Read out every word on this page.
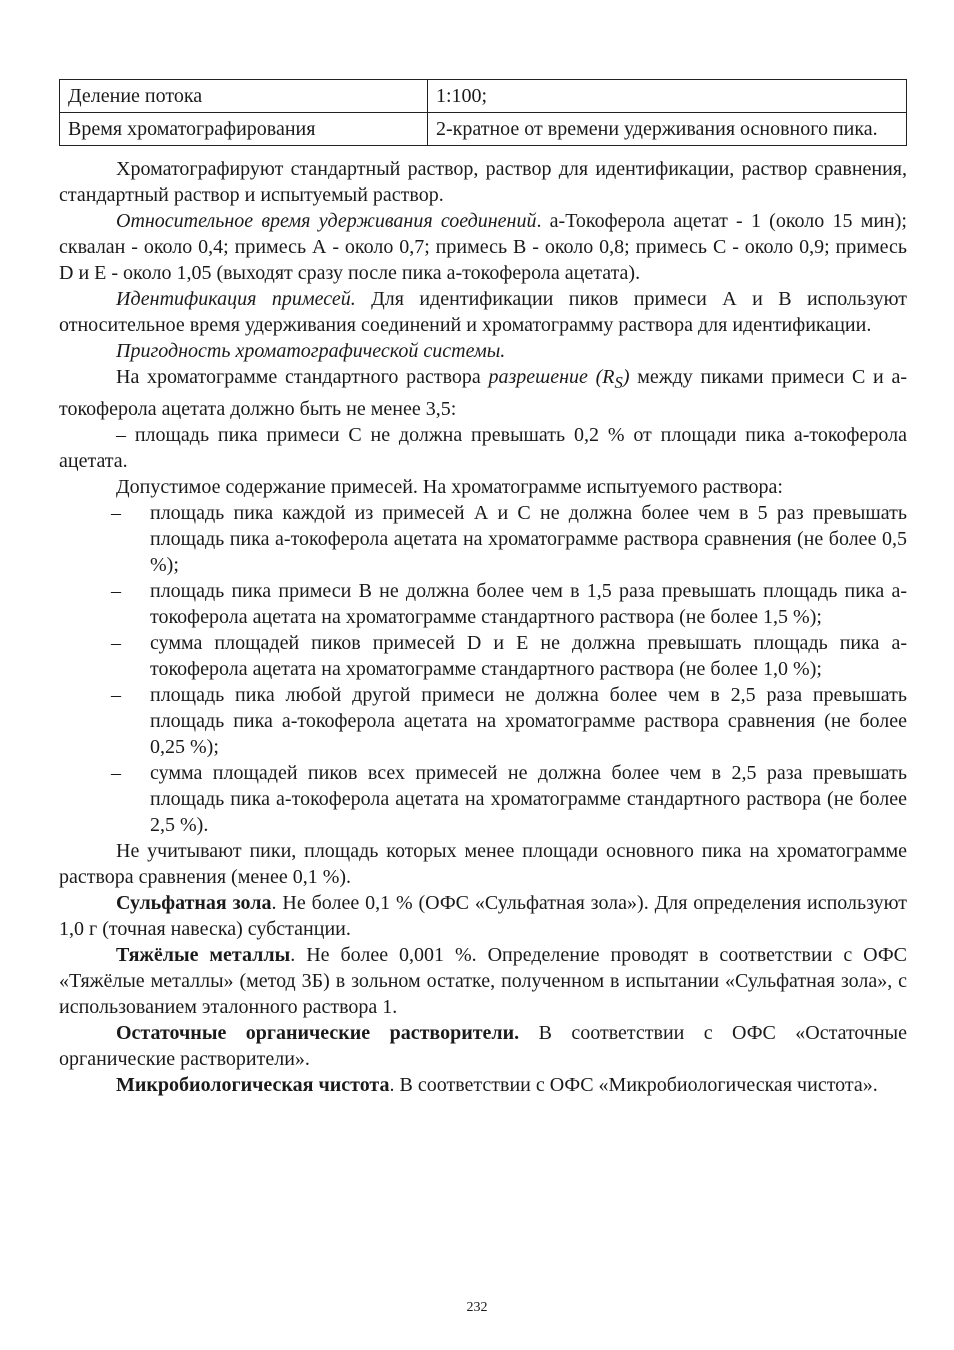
Деление потока	1:100;
Время хроматографирования	2-кратное от времени удерживания основного пика.

Хроматографируют стандартный раствор, раствор для идентификации, раствор сравнения, стандартный раствор и испытуемый раствор.

Относительное время удерживания соединений. а-Токоферола ацетат - 1 (около 15 мин); сквалан - около 0,4; примесь А - около 0,7; примесь В - около 0,8; примесь С - около 0,9; примесь D и Е - около 1,05 (выходят сразу после пика а-токоферола ацетата).

Идентификация примесей. Для идентификации пиков примеси А и В используют относительное время удерживания соединений и хроматограмму раствора для идентификации.

Пригодность хроматографической системы.

На хроматограмме стандартного раствора разрешение $(R_S)$ между пиками примеси С и а-токоферола ацетата должно быть не менее 3,5:

– площадь пика примеси С не должна превышать 0,2 % от площади пика а-токоферола ацетата.

Допустимое содержание примесей. На хроматограмме испытуемого раствора:

– площадь пика каждой из примесей А и С не должна более чем в 5 раз превышать площадь пика а-токоферола ацетата на хроматограмме раствора сравнения (не более 0,5 %);
– площадь пика примеси В не должна более чем в 1,5 раза превышать площадь пика а-токоферола ацетата на хроматограмме стандартного раствора (не более 1,5 %);
– сумма площадей пиков примесей D и Е не должна превышать площадь пика а-токоферола ацетата на хроматограмме стандартного раствора (не более 1,0 %);
– площадь пика любой другой примеси не должна более чем в 2,5 раза превышать площадь пика а-токоферола ацетата на хроматограмме раствора сравнения (не более 0,25 %);
– сумма площадей пиков всех примесей не должна более чем в 2,5 раза превышать площадь пика а-токоферола ацетата на хроматограмме стандартного раствора (не более 2,5 %).

Не учитывают пики, площадь которых менее площади основного пика на хроматограмме раствора сравнения (менее 0,1 %).

Сульфатная зола. Не более 0,1 % (ОФС «Сульфатная зола»). Для определения используют 1,0 г (точная навеска) субстанции.

Тяжёлые металлы. Не более 0,001 %. Определение проводят в соответствии с ОФС «Тяжёлые металлы» (метод 3Б) в зольном остатке, полученном в испытании «Сульфатная зола», с использованием эталонного раствора 1.

Остаточные органические растворители. В соответствии с ОФС «Остаточные органические растворители».

Микробиологическая чистота. В соответствии с ОФС «Микробиологическая чистота».

232
